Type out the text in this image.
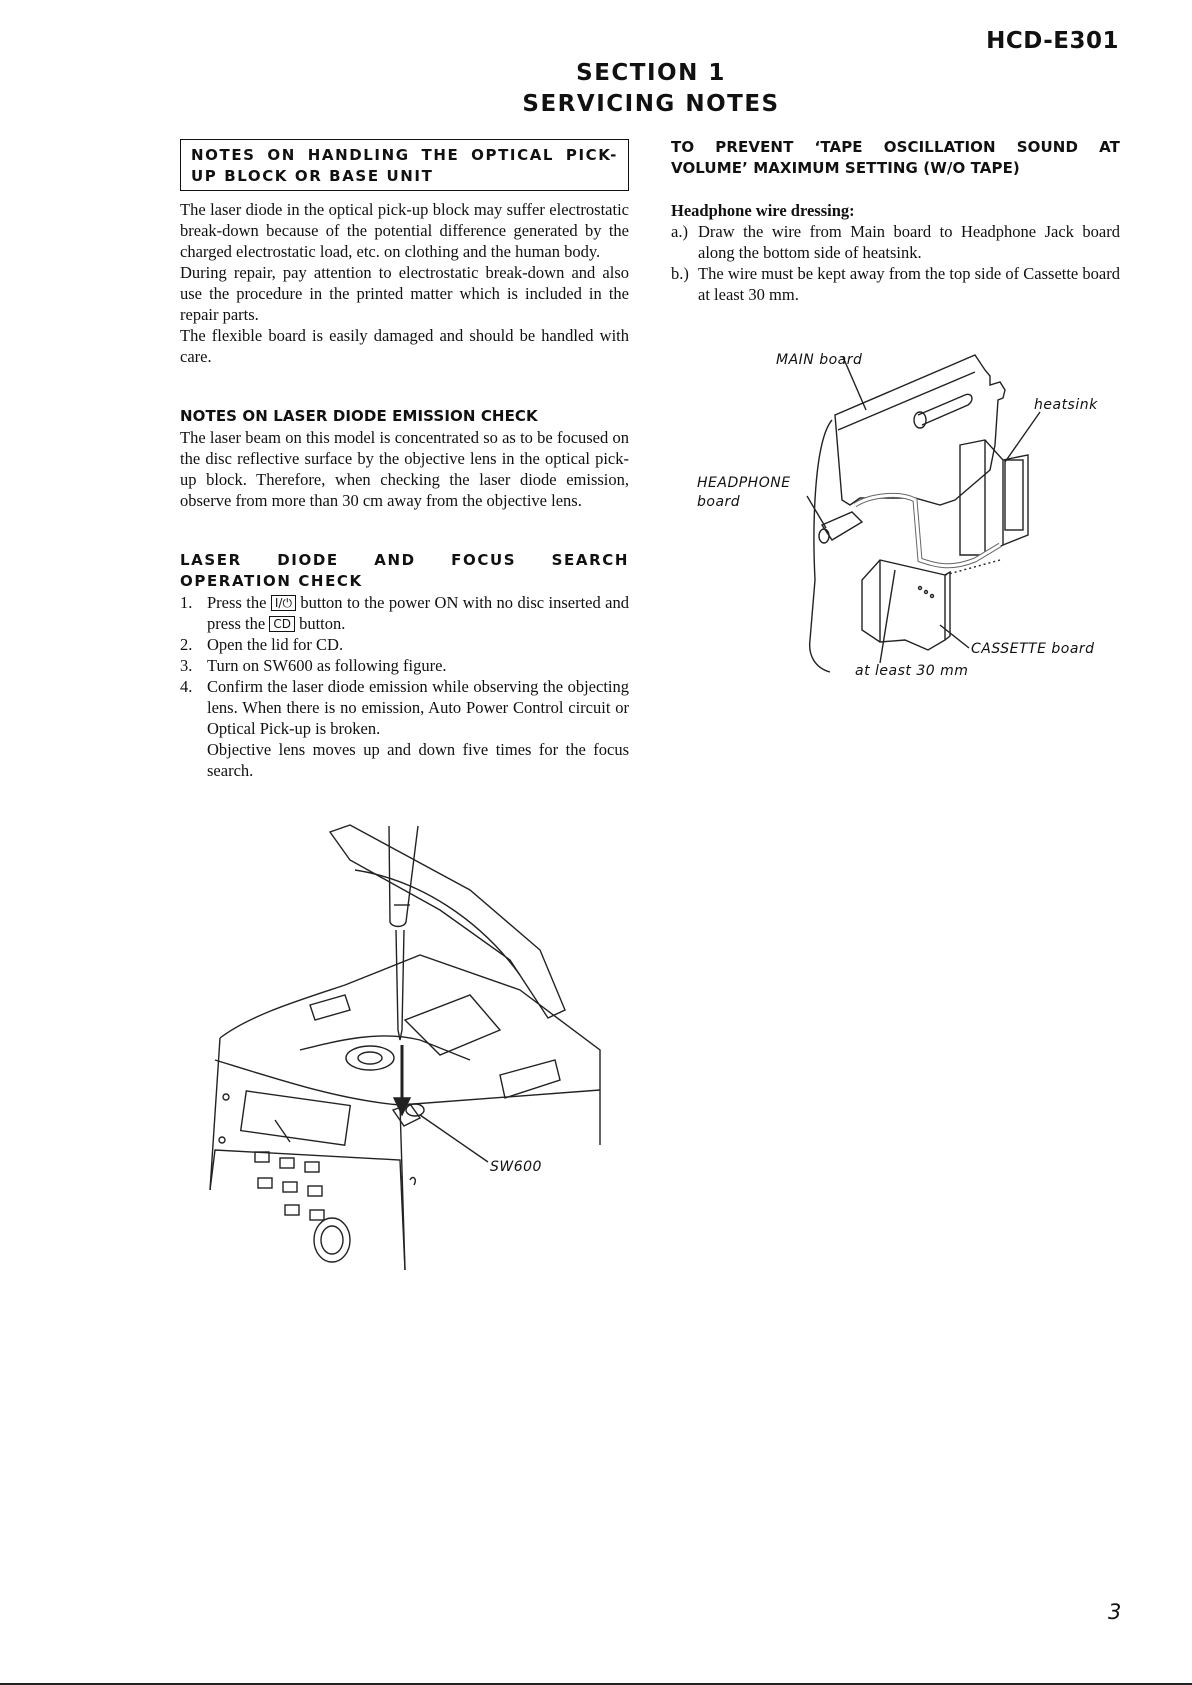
HCD-E301
SECTION 1
SERVICING NOTES
NOTES ON HANDLING THE OPTICAL PICK-UP BLOCK OR BASE UNIT

The laser diode in the optical pick-up block may suffer electrostatic break-down because of the potential difference generated by the charged electrostatic load, etc. on clothing and the human body.

During repair, pay attention to electrostatic break-down and also use the procedure in the printed matter which is included in the repair parts.

The flexible board is easily damaged and should be handled with care.

NOTES ON LASER DIODE EMISSION CHECK

The laser beam on this model is concentrated so as to be focused on the disc reflective surface by the objective lens in the optical pick-up block. Therefore, when checking the laser diode emission, observe from more than 30 cm away from the objective lens.

LASER DIODE AND FOCUS SEARCH OPERATION CHECK
1. Press the I/⏻ button to the power ON with no disc inserted and press the CD button.
2. Open the lid for CD.
3. Turn on SW600 as following figure.
4. Confirm the laser diode emission while observing the objecting lens. When there is no emission, Auto Power Control circuit or Optical Pick-up is broken.
Objective lens moves up and down five times for the focus search.
TO PREVENT ‘TAPE OSCILLATION SOUND AT VOLUME’ MAXIMUM SETTING (W/O TAPE)

Headphone wire dressing:

a.) Draw the wire from Main board to Headphone Jack board along the bottom side of heatsink.
b.) The wire must be kept away from the top side of Cassette board at least 30 mm.
MAIN board
heatsink
HEADPHONE
board
CASSETTE board
at least 30 mm
SW600
3
